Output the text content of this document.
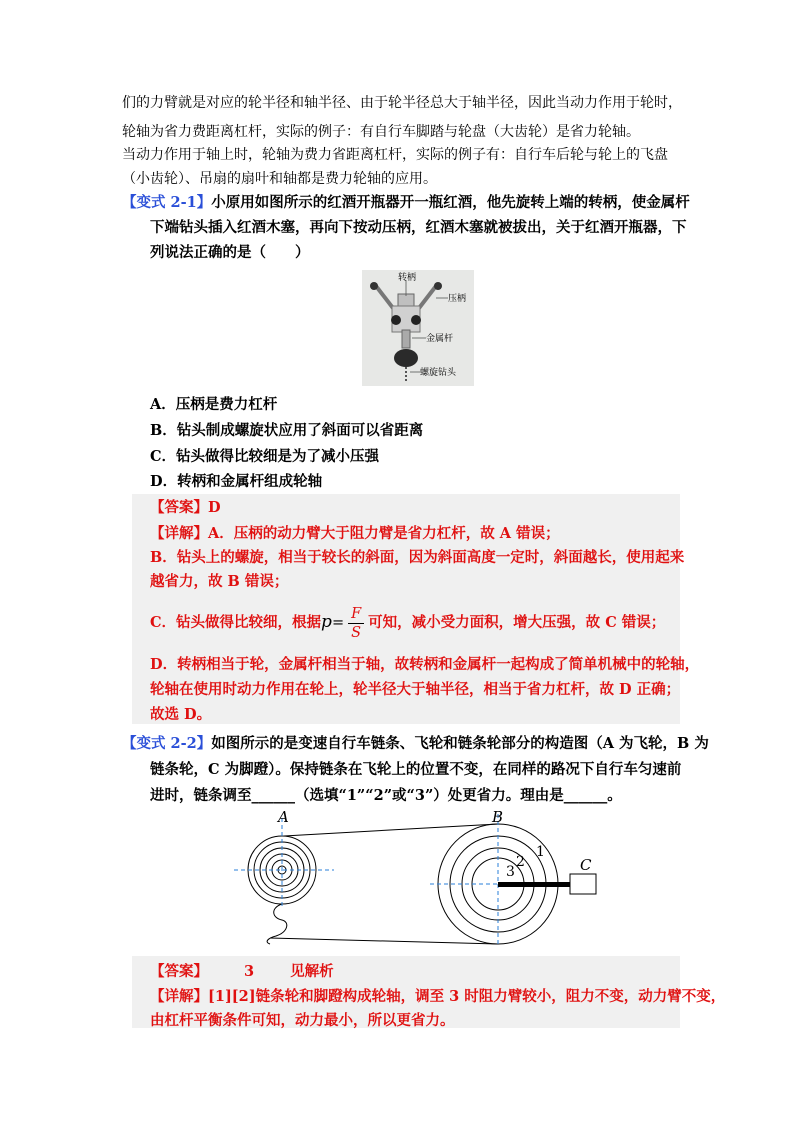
们的力臂就是对应的轮半径和轴半径、由于轮半径总大于轴半径，因此当动力作用于轮时，
轮轴为省力费距离杠杆，实际的例子：有自行车脚踏与轮盘（大齿轮）是省力轮轴。
当动力作用于轴上时，轮轴为费力省距离杠杆，实际的例子有：自行车后轮与轮上的飞盘
（小齿轮）、吊扇的扇叶和轴都是费力轮轴的应用。
【变式 2-1】小原用如图所示的红酒开瓶器开一瓶红酒，他先旋转上端的转柄，使金属杆
下端钻头插入红酒木塞，再向下按动压柄，红酒木塞就被拔出，关于红酒开瓶器，下
列说法正确的是（　　）
转柄
压柄
金属杆
螺旋钻头
A．压柄是费力杠杆
B．钻头制成螺旋状应用了斜面可以省距离
C．钻头做得比较细是为了减小压强
D．转柄和金属杆组成轮轴
【答案】D
【详解】A．压柄的动力臂大于阻力臂是省力杠杆，故 A 错误；
B．钻头上的螺旋，相当于较长的斜面，因为斜面高度一定时，斜面越长，使用起来
越省力，故 B 错误；
C．钻头做得比较细，根据$p= \frac{F}{S}$ 可知，减小受力面积，增大压强，故 C 错误；
D．转柄相当于轮，金属杆相当于轴，故转柄和金属杆一起构成了简单机械中的轮轴，
轮轴在使用时动力作用在轮上，轮半径大于轴半径，相当于省力杠杆，故 D 正确；
故选 D。
【变式 2-2】如图所示的是变速自行车链条、飞轮和链条轮部分的构造图（A 为飞轮，B 为
链条轮，C 为脚蹬）。保持链条在飞轮上的位置不变，在同样的路况下自行车匀速前
进时，链条调至______（选填“1”“2”或“3”）处更省力。理由是______。
A	B
C
1
2
3
【答案】 3 见解析
【详解】[1][2]链条轮和脚蹬构成轮轴，调至 3 时阻力臂较小，阻力不变，动力臂不变，
由杠杆平衡条件可知，动力最小，所以更省力。
